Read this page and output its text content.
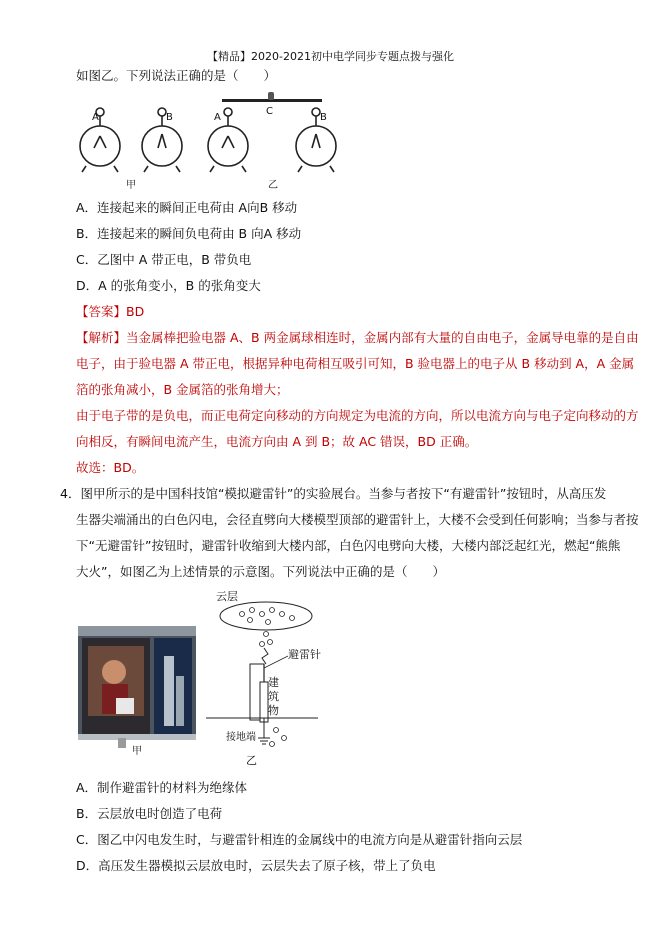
【精品】2020-2021初中电学同步专题点拨与强化
如图乙。下列说法正确的是（　　）
A	B	A
C
B
甲	乙
A．连接起来的瞬间正电荷由 A向B 移动
B．连接起来的瞬间负电荷由 B 向A 移动
C．乙图中 A 带正电，B 带负电
D．A 的张角变小，B 的张角变大
【答案】BD
【解析】当金属棒把验电器 A、B 两金属球相连时，金属内部有大量的自由电子，金属导电靠的是自由
电子，由于验电器 A 带正电，根据异种电荷相互吸引可知，B 验电器上的电子从 B 移动到 A，A 金属
箔的张角减小，B 金属箔的张角增大；
由于电子带的是负电，而正电荷定向移动的方向规定为电流的方向，所以电流方向与电子定向移动的方
向相反，有瞬间电流产生，电流方向由 A 到 B；故 AC 错误，BD 正确。
故选：BD。
4．图甲所示的是中国科技馆“模拟避雷针”的实验展台。当参与者按下“有避雷针”按钮时，从高压发
生器尖端涌出的白色闪电，会径直劈向大楼模型顶部的避雷针上，大楼不会受到任何影响；当参与者按
下“无避雷针”按钮时，避雷针收缩到大楼内部，白色闪电劈向大楼，大楼内部泛起红光，燃起“熊熊
大火”，如图乙为上述情景的示意图。下列说法中正确的是（　　）
甲
云层
避雷针
建
筑
物
接地端
乙
A．制作避雷针的材料为绝缘体
B．云层放电时创造了电荷
C．图乙中闪电发生时，与避雷针相连的金属线中的电流方向是从避雷针指向云层
D．高压发生器模拟云层放电时，云层失去了原子核，带上了负电
